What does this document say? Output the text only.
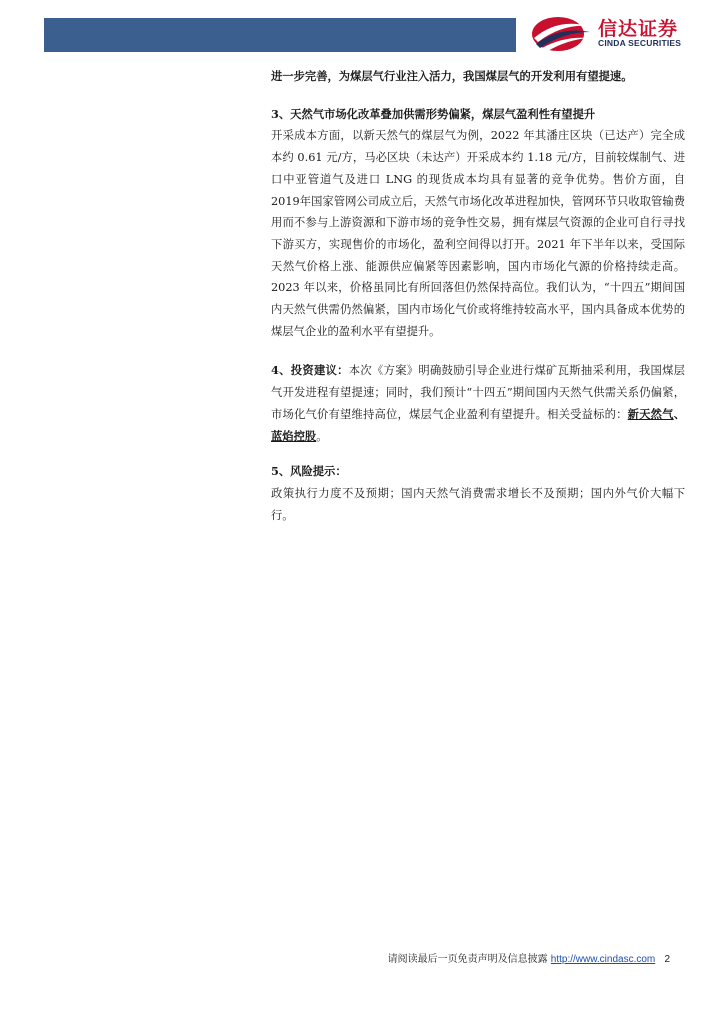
信达证券
CINDA SECURITIES

进一步完善，为煤层气行业注入活力，我国煤层气的开发利用有望提速。

3、天然气市场化改革叠加供需形势偏紧，煤层气盈利性有望提升

开采成本方面，以新天然气的煤层气为例，2022 年其潘庄区块（已达产）完全成本约 0.61 元/方，马必区块（未达产）开采成本约 1.18 元/方，目前较煤制气、进口中亚管道气及进口 LNG 的现货成本均具有显著的竞争优势。售价方面，自 2019年国家管网公司成立后，天然气市场化改革进程加快，管网环节只收取管输费用而不参与上游资源和下游市场的竞争性交易，拥有煤层气资源的企业可自行寻找下游买方，实现售价的市场化，盈利空间得以打开。2021 年下半年以来，受国际天然气价格上涨、能源供应偏紧等因素影响，国内市场化气源的价格持续走高。2023 年以来，价格虽同比有所回落但仍然保持高位。我们认为，“十四五”期间国内天然气供需仍然偏紧，国内市场化气价或将维持较高水平，国内具备成本优势的煤层气企业的盈利水平有望提升。

4、投资建议：本次《方案》明确鼓励引导企业进行煤矿瓦斯抽采利用，我国煤层气开发进程有望提速；同时，我们预计“十四五”期间国内天然气供需关系仍偏紧，市场化气价有望维持高位，煤层气企业盈利有望提升。相关受益标的：新天然气、蓝焰控股。

5、风险提示：

政策执行力度不及预期；国内天然气消费需求增长不及预期；国内外气价大幅下行。

请阅读最后一页免责声明及信息披露 http://www.cindasc.com 2
